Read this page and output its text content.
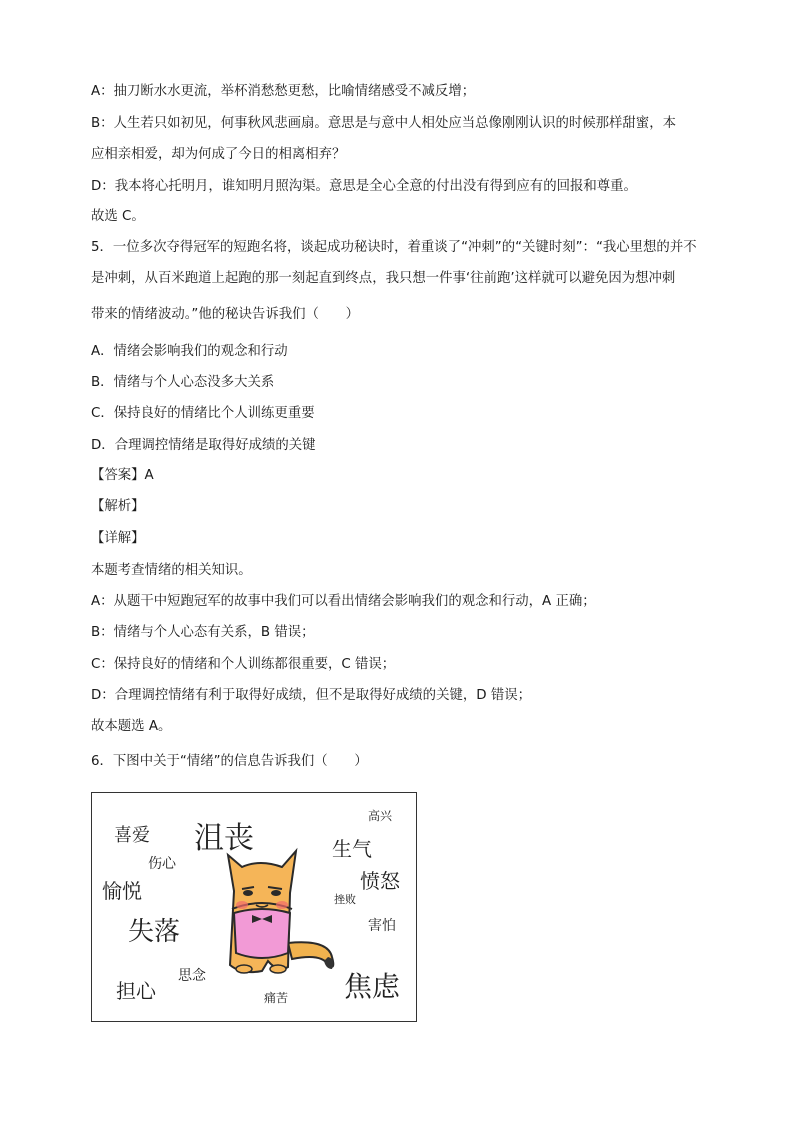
A：抽刀断水水更流，举杯消愁愁更愁，比喻情绪感受不减反增；
B：人生若只如初见，何事秋风悲画扇。意思是与意中人相处应当总像刚刚认识的时候那样甜蜜，本
应相亲相爱，却为何成了今日的相离相弃？
D：我本将心托明月，谁知明月照沟渠。意思是全心全意的付出没有得到应有的回报和尊重。
故选 C。
5．一位多次夺得冠军的短跑名将，谈起成功秘诀时，着重谈了“冲刺”的“关键时刻”：“我心里想的并不
是冲刺，从百米跑道上起跑的那一刻起直到终点，我只想一件事‘往前跑’这样就可以避免因为想冲刺
带来的情绪波动。”他的秘诀告诉我们（　　）
A．情绪会影响我们的观念和行动
B．情绪与个人心态没多大关系
C．保持良好的情绪比个人训练更重要
D．合理调控情绪是取得好成绩的关键
【答案】A
【解析】
【详解】
本题考查情绪的相关知识。
A：从题干中短跑冠军的故事中我们可以看出情绪会影响我们的观念和行动，A 正确；
B：情绪与个人心态有关系，B 错误；
C：保持良好的情绪和个人训练都很重要，C 错误；
D：合理调控情绪有利于取得好成绩，但不是取得好成绩的关键，D 错误；
故本题选 A。
6．下图中关于“情绪”的信息告诉我们（　　）
沮丧
高兴
喜爱
生气
伤心
愤怒
愉悦	挫败
失落	害怕
思念
担心	焦虑
痛苦
